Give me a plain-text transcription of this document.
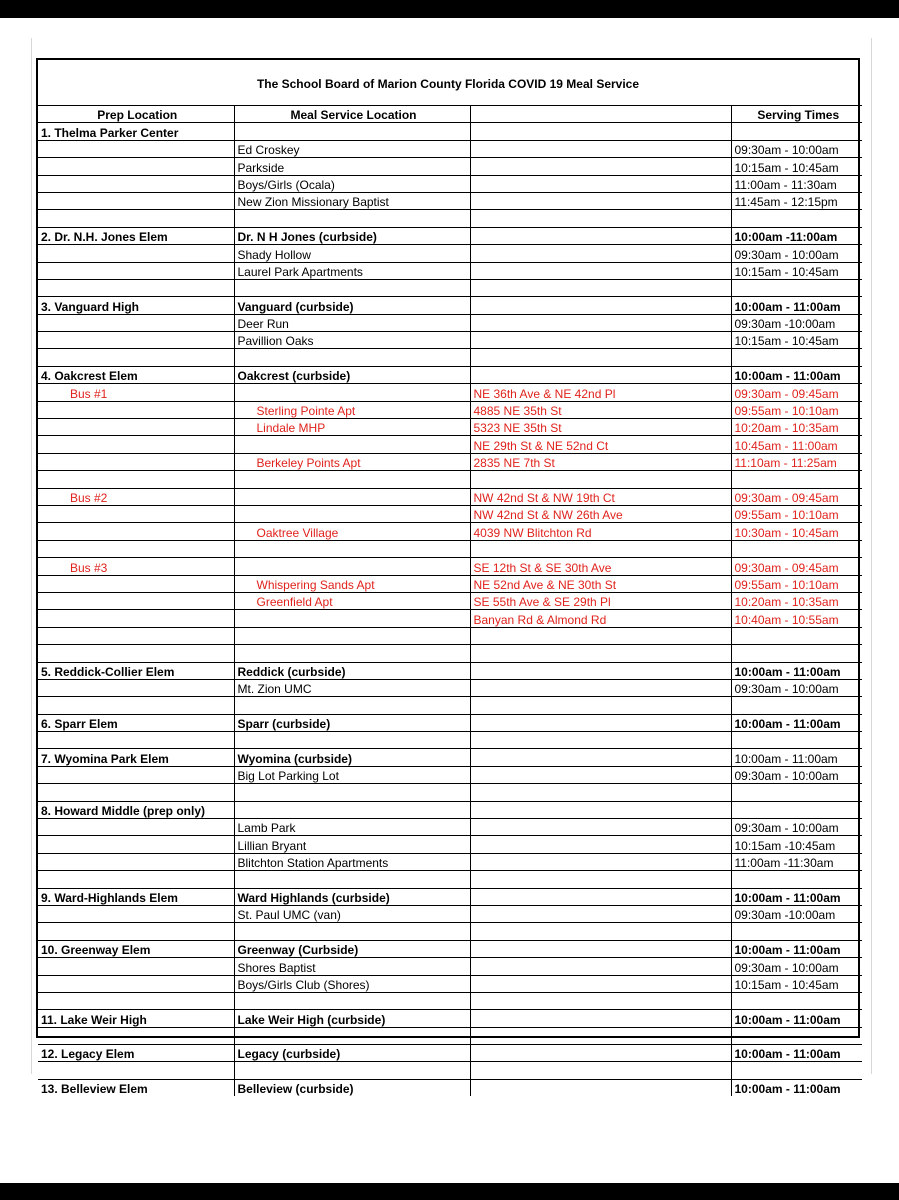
The School Board of Marion County Florida COVID 19 Meal Service
Prep Location	Meal Service Location		Serving Times
1. Thelma Parker Center			
	Ed Croskey		09:30am - 10:00am
	Parkside		10:15am - 10:45am
	Boys/Girls (Ocala)		11:00am - 11:30am
	New Zion Missionary Baptist		11:45am - 12:15pm

2. Dr. N.H. Jones Elem	Dr. N H Jones (curbside)		10:00am -11:00am
	Shady Hollow		09:30am - 10:00am
	Laurel Park Apartments		10:15am - 10:45am

3. Vanguard High	Vanguard (curbside)		10:00am - 11:00am
	Deer Run		09:30am -10:00am
	Pavillion Oaks		10:15am - 10:45am

4. Oakcrest Elem	Oakcrest (curbside)		10:00am - 11:00am
Bus #1		NE 36th Ave & NE 42nd Pl	09:30am - 09:45am
	Sterling Pointe Apt	4885 NE 35th St	09:55am - 10:10am
	Lindale MHP	5323 NE 35th St	10:20am - 10:35am
		NE 29th St & NE 52nd Ct	10:45am - 11:00am
	Berkeley Points Apt	2835 NE 7th St	11:10am - 11:25am

Bus #2		NW 42nd St & NW 19th Ct	09:30am - 09:45am
		NW 42nd St & NW 26th Ave	09:55am - 10:10am
	Oaktree Village	4039 NW Blitchton Rd	10:30am - 10:45am

Bus #3		SE 12th St & SE 30th Ave	09:30am - 09:45am
	Whispering Sands Apt	NE 52nd Ave & NE 30th St	09:55am - 10:10am
	Greenfield Apt	SE 55th Ave & SE 29th Pl	10:20am - 10:35am
		Banyan Rd & Almond Rd	10:40am - 10:55am

5. Reddick-Collier Elem	Reddick (curbside)		10:00am - 11:00am
	Mt. Zion UMC		09:30am - 10:00am

6. Sparr Elem	Sparr (curbside)		10:00am - 11:00am

7. Wyomina Park Elem	Wyomina (curbside)		10:00am - 11:00am
	Big Lot Parking Lot		09:30am - 10:00am

8. Howard Middle (prep only)			
	Lamb Park		09:30am - 10:00am
	Lillian Bryant		10:15am -10:45am
	Blitchton Station Apartments		11:00am -11:30am

9. Ward-Highlands Elem	Ward Highlands (curbside)		10:00am - 11:00am
	St. Paul UMC (van)		09:30am -10:00am

10. Greenway Elem	Greenway (Curbside)		10:00am - 11:00am
	Shores Baptist		09:30am - 10:00am
	Boys/Girls Club (Shores)		10:15am - 10:45am

11. Lake Weir High	Lake Weir High (curbside)		10:00am - 11:00am

12. Legacy Elem	Legacy (curbside)		10:00am - 11:00am

13. Belleview Elem	Belleview (curbside)		10:00am - 11:00am
